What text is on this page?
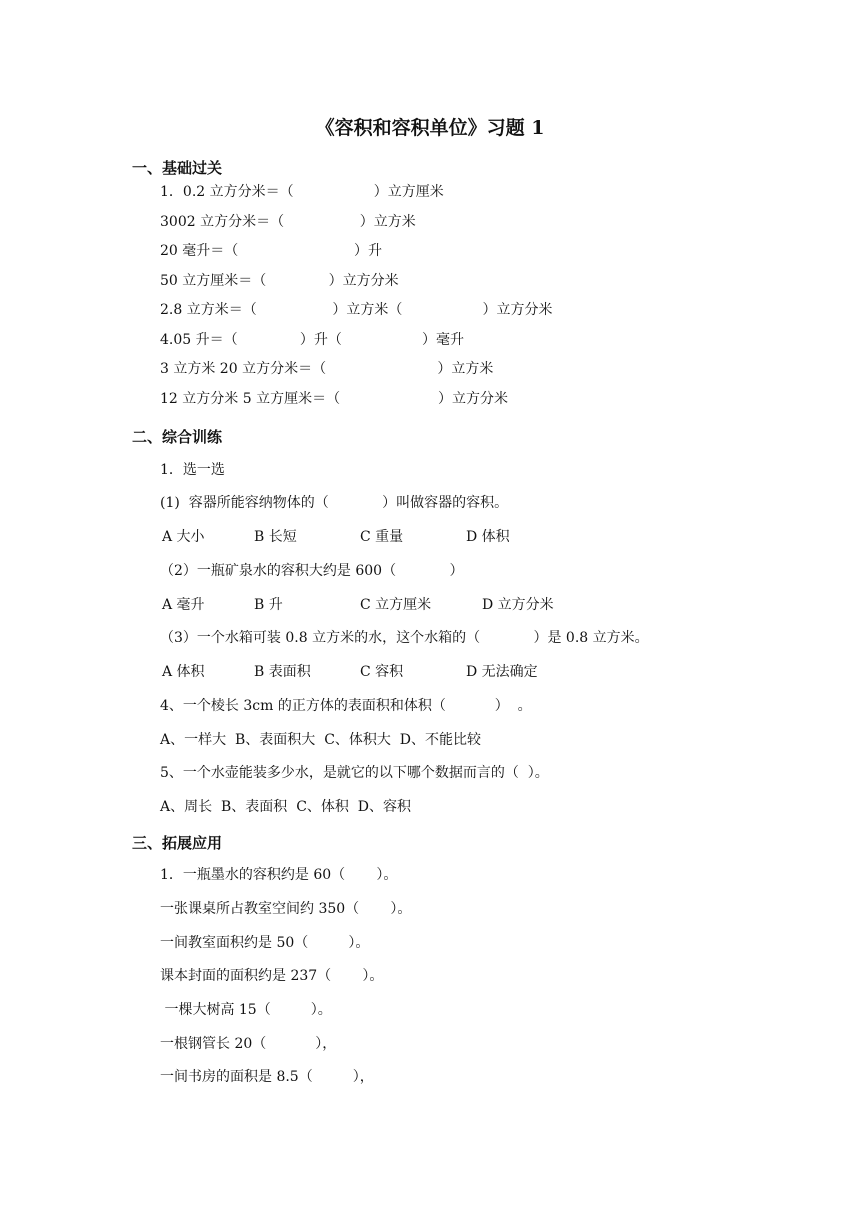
《容积和容积单位》习题 1
一、基础过关
1．0.2 立方分米＝（                  ）立方厘米
3002 立方分米＝（                 ）立方米
20 毫升＝（                          ）升
50 立方厘米＝（              ）立方分米
2.8 立方米＝（                 ）立方米（                  ）立方分米
4.05 升＝（              ）升（                  ）毫升
3 立方米 20 立方分米＝（                         ）立方米
12 立方分米 5 立方厘米＝（                      ）立方分米
二、综合训练
1．选一选
(1)  容器所能容纳物体的（            ）叫做容器的容积。
A 大小	B 长短	C 重量	D 体积
（2）一瓶矿泉水的容积大约是 600（            ）
A 毫升	B 升	C 立方厘米	D 立方分米
（3）一个水箱可装 0.8 立方米的水，这个水箱的（            ）是 0.8 立方米。
A 体积	B 表面积	C 容积	D 无法确定
4、一个棱长 3cm 的正方体的表面积和体积（           ）  。
A、一样大  B、表面积大  C、体积大  D、不能比较
5、一个水壶能装多少水，是就它的以下哪个数据而言的（  ）。
A、周长  B、表面积  C、体积  D、容积
三、拓展应用
1．一瓶墨水的容积约是 60（       ）。
一张课桌所占教室空间约 350（       ）。
一间教室面积约是 50（         ）。
课本封面的面积约是 237（       ）。
一棵大树高 15（         ）。
一根钢管长 20（           ），
一间书房的面积是 8.5（         ），
